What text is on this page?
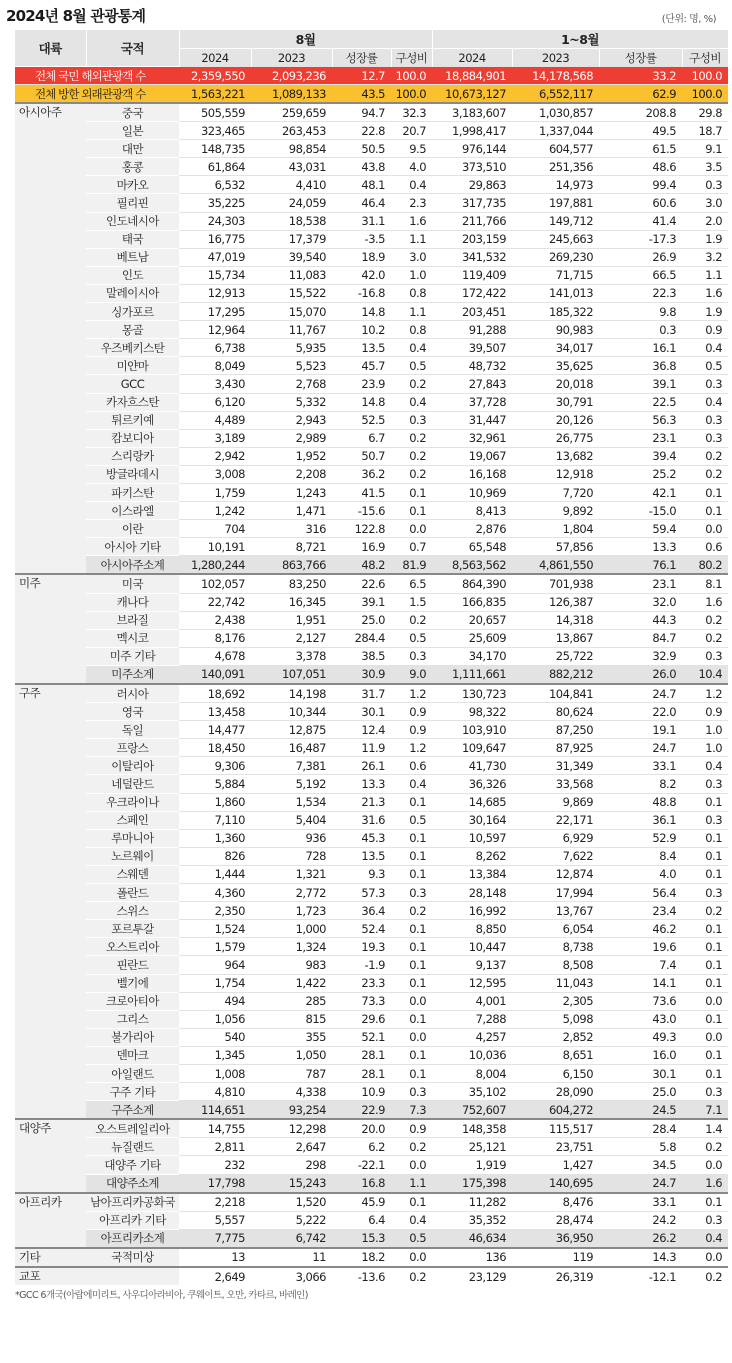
2024년 8월 관광통계	(단위: 명, %)
대륙	국적	8월				1~8월			
		2024	2023	성장률	구성비	2024	2023	성장률	구성비
전체 국민 해외관광객 수		2,359,550	2,093,236	12.7	100.0	18,884,901	14,178,568	33.2	100.0
전체 방한 외래관광객 수		1,563,221	1,089,133	43.5	100.0	10,673,127	6,552,117	62.9	100.0
아시아주	중국	505,559	259,659	94.7	32.3	3,183,607	1,030,857	208.8	29.8
	일본	323,465	263,453	22.8	20.7	1,998,417	1,337,044	49.5	18.7
	대만	148,735	98,854	50.5	9.5	976,144	604,577	61.5	9.1
	홍콩	61,864	43,031	43.8	4.0	373,510	251,356	48.6	3.5
	마카오	6,532	4,410	48.1	0.4	29,863	14,973	99.4	0.3
	필리핀	35,225	24,059	46.4	2.3	317,735	197,881	60.6	3.0
	인도네시아	24,303	18,538	31.1	1.6	211,766	149,712	41.4	2.0
	태국	16,775	17,379	-3.5	1.1	203,159	245,663	-17.3	1.9
	베트남	47,019	39,540	18.9	3.0	341,532	269,230	26.9	3.2
	인도	15,734	11,083	42.0	1.0	119,409	71,715	66.5	1.1
	말레이시아	12,913	15,522	-16.8	0.8	172,422	141,013	22.3	1.6
	싱가포르	17,295	15,070	14.8	1.1	203,451	185,322	9.8	1.9
	몽골	12,964	11,767	10.2	0.8	91,288	90,983	0.3	0.9
	우즈베키스탄	6,738	5,935	13.5	0.4	39,507	34,017	16.1	0.4
	미얀마	8,049	5,523	45.7	0.5	48,732	35,625	36.8	0.5
	GCC	3,430	2,768	23.9	0.2	27,843	20,018	39.1	0.3
	카자흐스탄	6,120	5,332	14.8	0.4	37,728	30,791	22.5	0.4
	튀르키예	4,489	2,943	52.5	0.3	31,447	20,126	56.3	0.3
	캄보디아	3,189	2,989	6.7	0.2	32,961	26,775	23.1	0.3
	스리랑카	2,942	1,952	50.7	0.2	19,067	13,682	39.4	0.2
	방글라데시	3,008	2,208	36.2	0.2	16,168	12,918	25.2	0.2
	파키스탄	1,759	1,243	41.5	0.1	10,969	7,720	42.1	0.1
	이스라엘	1,242	1,471	-15.6	0.1	8,413	9,892	-15.0	0.1
	이란	704	316	122.8	0.0	2,876	1,804	59.4	0.0
	아시아 기타	10,191	8,721	16.9	0.7	65,548	57,856	13.3	0.6
	아시아주소계	1,280,244	863,766	48.2	81.9	8,563,562	4,861,550	76.1	80.2
미주	미국	102,057	83,250	22.6	6.5	864,390	701,938	23.1	8.1
	캐나다	22,742	16,345	39.1	1.5	166,835	126,387	32.0	1.6
	브라질	2,438	1,951	25.0	0.2	20,657	14,318	44.3	0.2
	멕시코	8,176	2,127	284.4	0.5	25,609	13,867	84.7	0.2
	미주 기타	4,678	3,378	38.5	0.3	34,170	25,722	32.9	0.3
	미주소계	140,091	107,051	30.9	9.0	1,111,661	882,212	26.0	10.4
구주	러시아	18,692	14,198	31.7	1.2	130,723	104,841	24.7	1.2
	영국	13,458	10,344	30.1	0.9	98,322	80,624	22.0	0.9
	독일	14,477	12,875	12.4	0.9	103,910	87,250	19.1	1.0
	프랑스	18,450	16,487	11.9	1.2	109,647	87,925	24.7	1.0
	이탈리아	9,306	7,381	26.1	0.6	41,730	31,349	33.1	0.4
	네덜란드	5,884	5,192	13.3	0.4	36,326	33,568	8.2	0.3
	우크라이나	1,860	1,534	21.3	0.1	14,685	9,869	48.8	0.1
	스페인	7,110	5,404	31.6	0.5	30,164	22,171	36.1	0.3
	루마니아	1,360	936	45.3	0.1	10,597	6,929	52.9	0.1
	노르웨이	826	728	13.5	0.1	8,262	7,622	8.4	0.1
	스웨덴	1,444	1,321	9.3	0.1	13,384	12,874	4.0	0.1
	폴란드	4,360	2,772	57.3	0.3	28,148	17,994	56.4	0.3
	스위스	2,350	1,723	36.4	0.2	16,992	13,767	23.4	0.2
	포르투갈	1,524	1,000	52.4	0.1	8,850	6,054	46.2	0.1
	오스트리아	1,579	1,324	19.3	0.1	10,447	8,738	19.6	0.1
	핀란드	964	983	-1.9	0.1	9,137	8,508	7.4	0.1
	벨기에	1,754	1,422	23.3	0.1	12,595	11,043	14.1	0.1
	크로아티아	494	285	73.3	0.0	4,001	2,305	73.6	0.0
	그리스	1,056	815	29.6	0.1	7,288	5,098	43.0	0.1
	불가리아	540	355	52.1	0.0	4,257	2,852	49.3	0.0
	덴마크	1,345	1,050	28.1	0.1	10,036	8,651	16.0	0.1
	아일랜드	1,008	787	28.1	0.1	8,004	6,150	30.1	0.1
	구주 기타	4,810	4,338	10.9	0.3	35,102	28,090	25.0	0.3
	구주소계	114,651	93,254	22.9	7.3	752,607	604,272	24.5	7.1
대양주	오스트레일리아	14,755	12,298	20.0	0.9	148,358	115,517	28.4	1.4
	뉴질랜드	2,811	2,647	6.2	0.2	25,121	23,751	5.8	0.2
	대양주 기타	232	298	-22.1	0.0	1,919	1,427	34.5	0.0
	대양주소계	17,798	15,243	16.8	1.1	175,398	140,695	24.7	1.6
아프리카	남아프리카공화국	2,218	1,520	45.9	0.1	11,282	8,476	33.1	0.1
	아프리카 기타	5,557	5,222	6.4	0.4	35,352	28,474	24.2	0.3
	아프리카소계	7,775	6,742	15.3	0.5	46,634	36,950	26.2	0.4
기타	국적미상	13	11	18.2	0.0	136	119	14.3	0.0
교포		2,649	3,066	-13.6	0.2	23,129	26,319	-12.1	0.2
*GCC 6개국(아랍에미리트, 사우디아라비아, 쿠웨이트, 오만, 카타르, 바레인)
